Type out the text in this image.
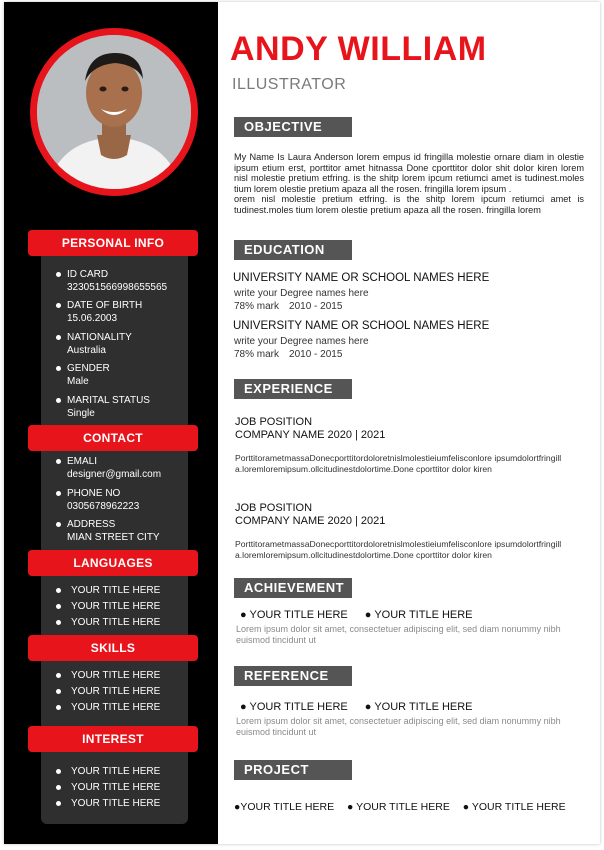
PERSONAL INFO
ID CARD
323051566998655565
DATE OF BIRTH
15.06.2003
NATIONALITY
Australia
GENDER
Male
MARITAL STATUS
Single
CONTACT
EMALI
designer@gmail.com
PHONE NO
0305678962223
ADDRESS
MIAN STREET CITY
LANGUAGES
YOUR TITLE HERE
YOUR TITLE HERE
YOUR TITLE HERE
SKILLS
YOUR TITLE HERE
YOUR TITLE HERE
YOUR TITLE HERE
INTEREST
YOUR TITLE HERE
YOUR TITLE HERE
YOUR TITLE HERE
ANDY WILLIAM
ILLUSTRATOR
OBJECTIVE

My Name Is Laura Anderson lorem empus id fringilla molestie ornare diam in olestie ipsum etium erst, porttitor amet hitnassa Done cporttitor dolor shit dolor kiren lorem nisl molestie pretium etfring. is the shitp lorem ipcum retiumci amet is tudinest.moles tium lorem olestie pretium apaza all the rosen. fringilla lorem ipsum .

orem nisl molestie pretium etfring. is the shitp lorem ipcum retiumci amet is tudinest.moles tium lorem olestie pretium apaza all the rosen. fringilla lorem

EDUCATION
UNIVERSITY NAME OR SCHOOL NAMES HERE
write your Degree names here
78% mark 2010 - 2015
UNIVERSITY NAME OR SCHOOL NAMES HERE
write your Degree names here
78% mark 2010 - 2015
EXPERIENCE
JOB POSITION
COMPANY NAME 2020 | 2021
PorttitorametmassaDonecporttitordoloretnislmolestieiumfelisconlore ipsumdolortfringilla.loremloremipsum.ollcitudinestdolortime.Done cporttitor dolor kiren
JOB POSITION
COMPANY NAME 2020 | 2021
PorttitorametmassaDonecporttitordoloretnislmolestieiumfelisconlore ipsumdolortfringilla.loremloremipsum.ollcitudinestdolortime.Done cporttitor dolor kiren
ACHIEVEMENT
● YOUR TITLE HERE ● YOUR TITLE HERE
Lorem ipsum dolor sit amet, consectetuer adipiscing elit, sed diam nonummy nibh euismod tincidunt ut
REFERENCE
● YOUR TITLE HERE ● YOUR TITLE HERE
Lorem ipsum dolor sit amet, consectetuer adipiscing elit, sed diam nonummy nibh euismod tincidunt ut
PROJECT
●YOUR TITLE HERE ● YOUR TITLE HERE ● YOUR TITLE HERE
